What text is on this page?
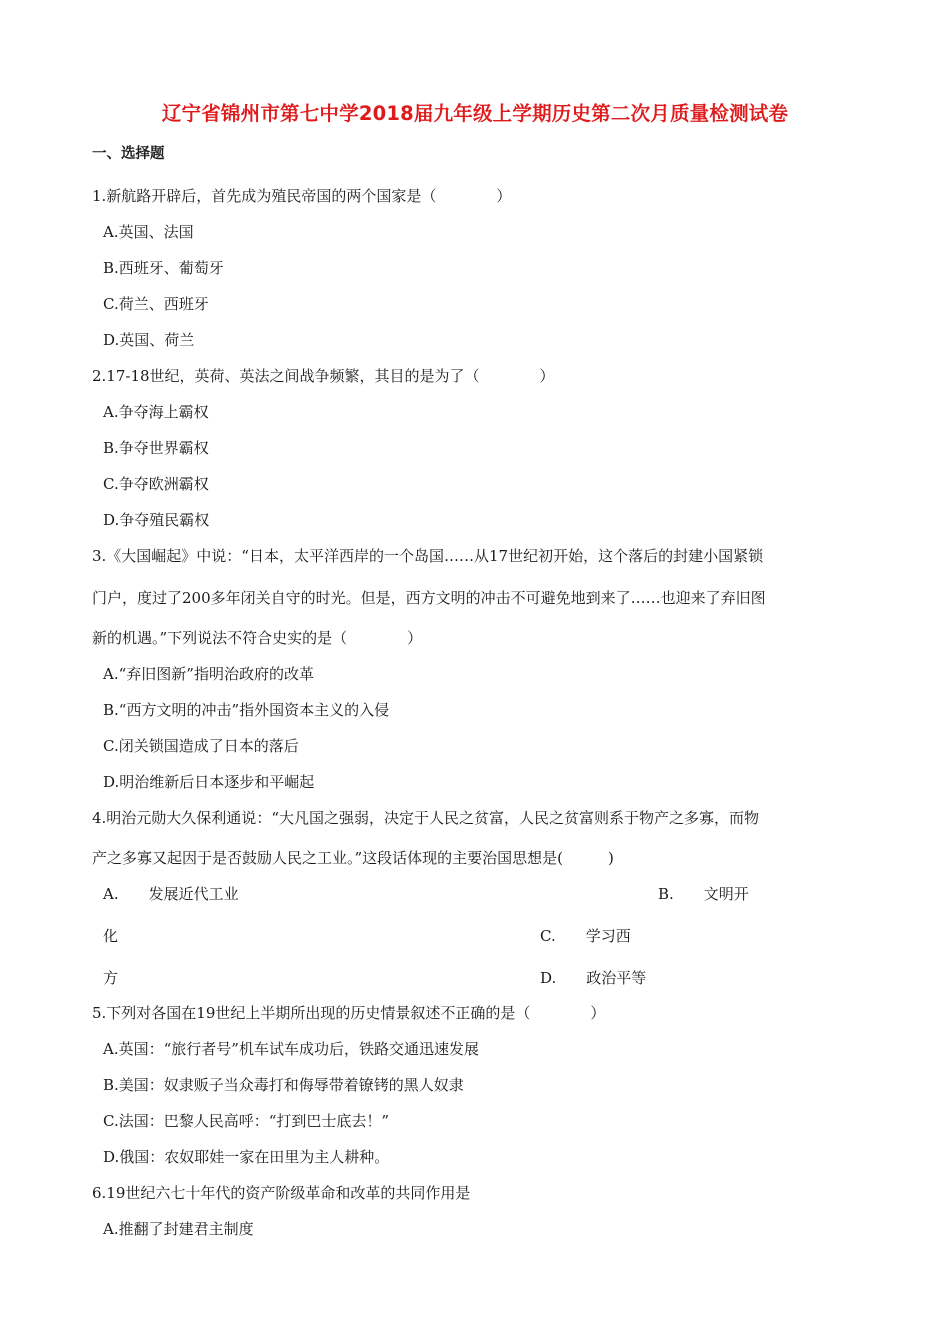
辽宁省锦州市第七中学2018届九年级上学期历史第二次月质量检测试卷
一、选择题
1.新航路开辟后，首先成为殖民帝国的两个国家是（　　　　）
A.英国、法国
B.西班牙、葡萄牙
C.荷兰、西班牙
D.英国、荷兰
2.17-18世纪，英荷、英法之间战争频繁，其目的是为了（　　　　）
A.争夺海上霸权
B.争夺世界霸权
C.争夺欧洲霸权
D.争夺殖民霸权
3.《大国崛起》中说：“日本，太平洋西岸的一个岛国……从17世纪初开始，这个落后的封建小国紧锁
门户，度过了200多年闭关自守的时光。但是，西方文明的冲击不可避免地到来了……也迎来了弃旧图
新的机遇。”下列说法不符合史实的是（　　　　）
A.“弃旧图新”指明治政府的改革
B.“西方文明的冲击”指外国资本主义的入侵
C.闭关锁国造成了日本的落后
D.明治维新后日本逐步和平崛起
4.明治元勋大久保利通说：“大凡国之强弱，决定于人民之贫富，人民之贫富则系于物产之多寡，而物
产之多寡又起因于是否鼓励人民之工业。”这段话体现的主要治国思想是(　　　)
A.　　发展近代工业	B.　　文明开
化	C.　　学习西
方	D.　　政治平等
5.下列对各国在19世纪上半期所出现的历史情景叙述不正确的是（　　　　）
A.英国：“旅行者号”机车试车成功后，铁路交通迅速发展
B.美国：奴隶贩子当众毒打和侮辱带着镣铐的黑人奴隶
C.法国：巴黎人民高呼：“打到巴士底去！”
D.俄国：农奴耶娃一家在田里为主人耕种。
6.19世纪六七十年代的资产阶级革命和改革的共同作用是
A.推翻了封建君主制度
